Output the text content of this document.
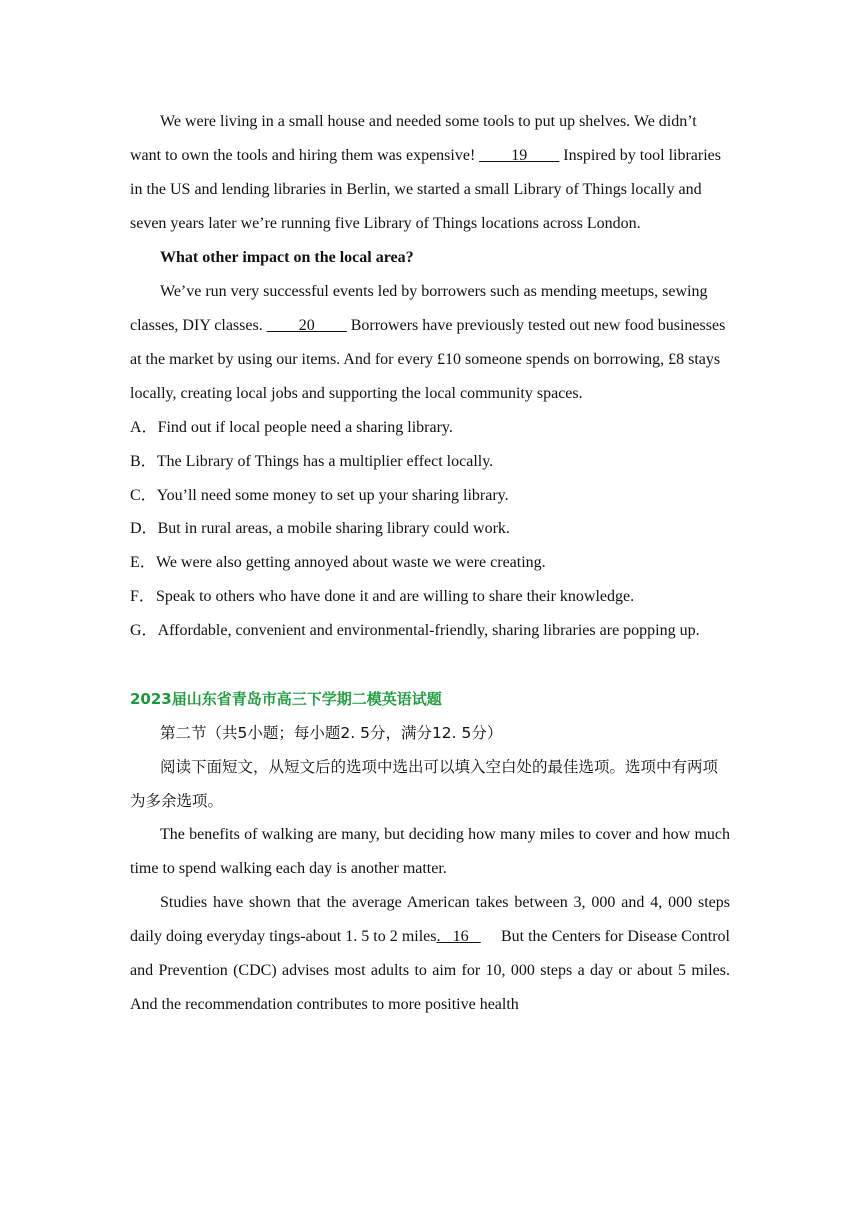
We were living in a small house and needed some tools to put up shelves. We didn’t want to own the tools and hiring them was expensive! ____19____ Inspired by tool libraries in the US and lending libraries in Berlin, we started a small Library of Things locally and seven years later we’re running five Library of Things locations across London.

What other impact on the local area?

We’ve run very successful events led by borrowers such as mending meetups, sewing classes, DIY classes. ____20____ Borrowers have previously tested out new food businesses at the market by using our items. And for every £10 someone spends on borrowing, £8 stays locally, creating local jobs and supporting the local community spaces.

A．Find out if local people need a sharing library.

B．The Library of Things has a multiplier effect locally.

C．You’ll need some money to set up your sharing library.

D．But in rural areas, a mobile sharing library could work.

E．We were also getting annoyed about waste we were creating.

F．Speak to others who have done it and are willing to share their knowledge.

G．Affordable, convenient and environmental-friendly, sharing libraries are popping up.

2023届山东省青岛市高三下学期二模英语试题

第二节（共5小题；每小题2. 5分，满分12. 5分）

阅读下面短文，从短文后的选项中选出可以填入空白处的最佳选项。选项中有两项为多余选项。

The benefits of walking are many, but deciding how many miles to cover and how much time to spend walking each day is another matter.

Studies have shown that the average American takes between 3, 000 and 4, 000 steps daily doing everyday tings-about 1. 5 to 2 miles.   16        But the Centers for Disease Control and Prevention (CDC) advises most adults to aim for 10, 000 steps a day or about 5 miles. And the recommendation contributes to more positive health
